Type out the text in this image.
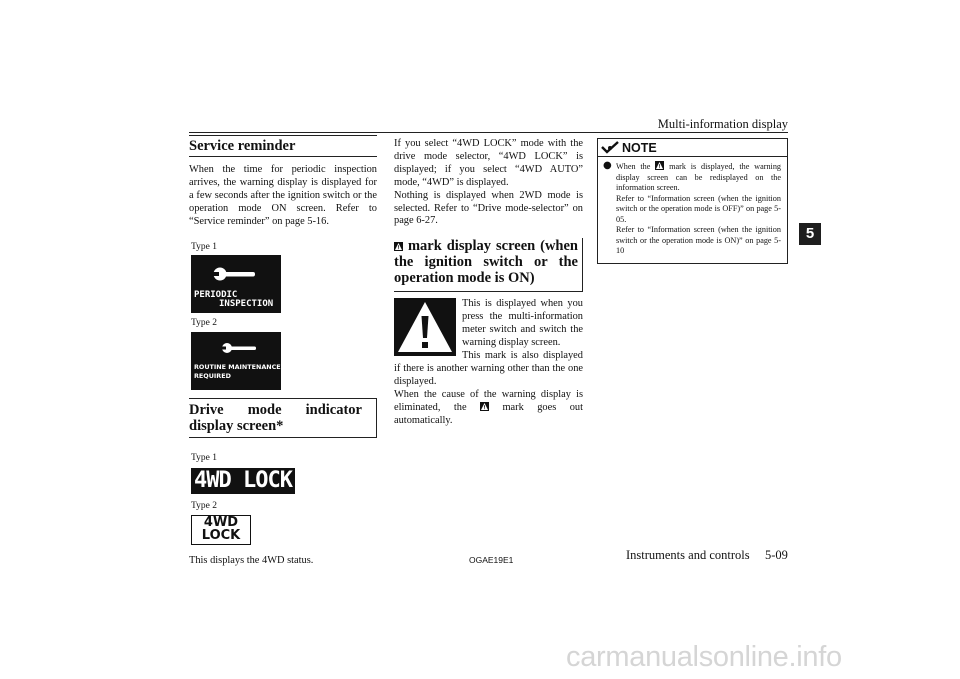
Multi-information display
5
Service reminder

When the time for periodic inspection arrives, the warning display is displayed for a few seconds after the ignition switch or the operation mode ON screen. Refer to “Service reminder” on page 5-16.

Type 1
PERIODIC
INSPECTION
Type 2
ROUTINE MAINTENANCE
REQUIRED
Drive mode indicator display screen*
Type 1
4WD LOCK
Type 2
4WD
LOCK

This displays the 4WD status.

If you select “4WD LOCK” mode with the drive mode selector, “4WD LOCK” is displayed; if you select “4WD AUTO” mode, “4WD” is displayed.

Nothing is displayed when 2WD mode is selected. Refer to “Drive mode-selector” on page 6-27.

mark display screen (when the ignition switch or the operation mode is ON)

This is displayed when you press the multi-information meter switch and switch the warning display screen.

This mark is also displayed if there is another warning other than the one displayed.

When the cause of the warning display is eliminated, the	mark goes out automatically.

NOTE
● When the mark is displayed, the warning display screen can be redisplayed on the information screen.
Refer to “Information screen (when the ignition switch or the operation mode is OFF)” on page 5-05.
Refer to “Information screen (when the ignition switch or the operation mode is ON)” on page 5-10
OGAE19E1	Instruments and controls 5-09
carmanualsonline.info
